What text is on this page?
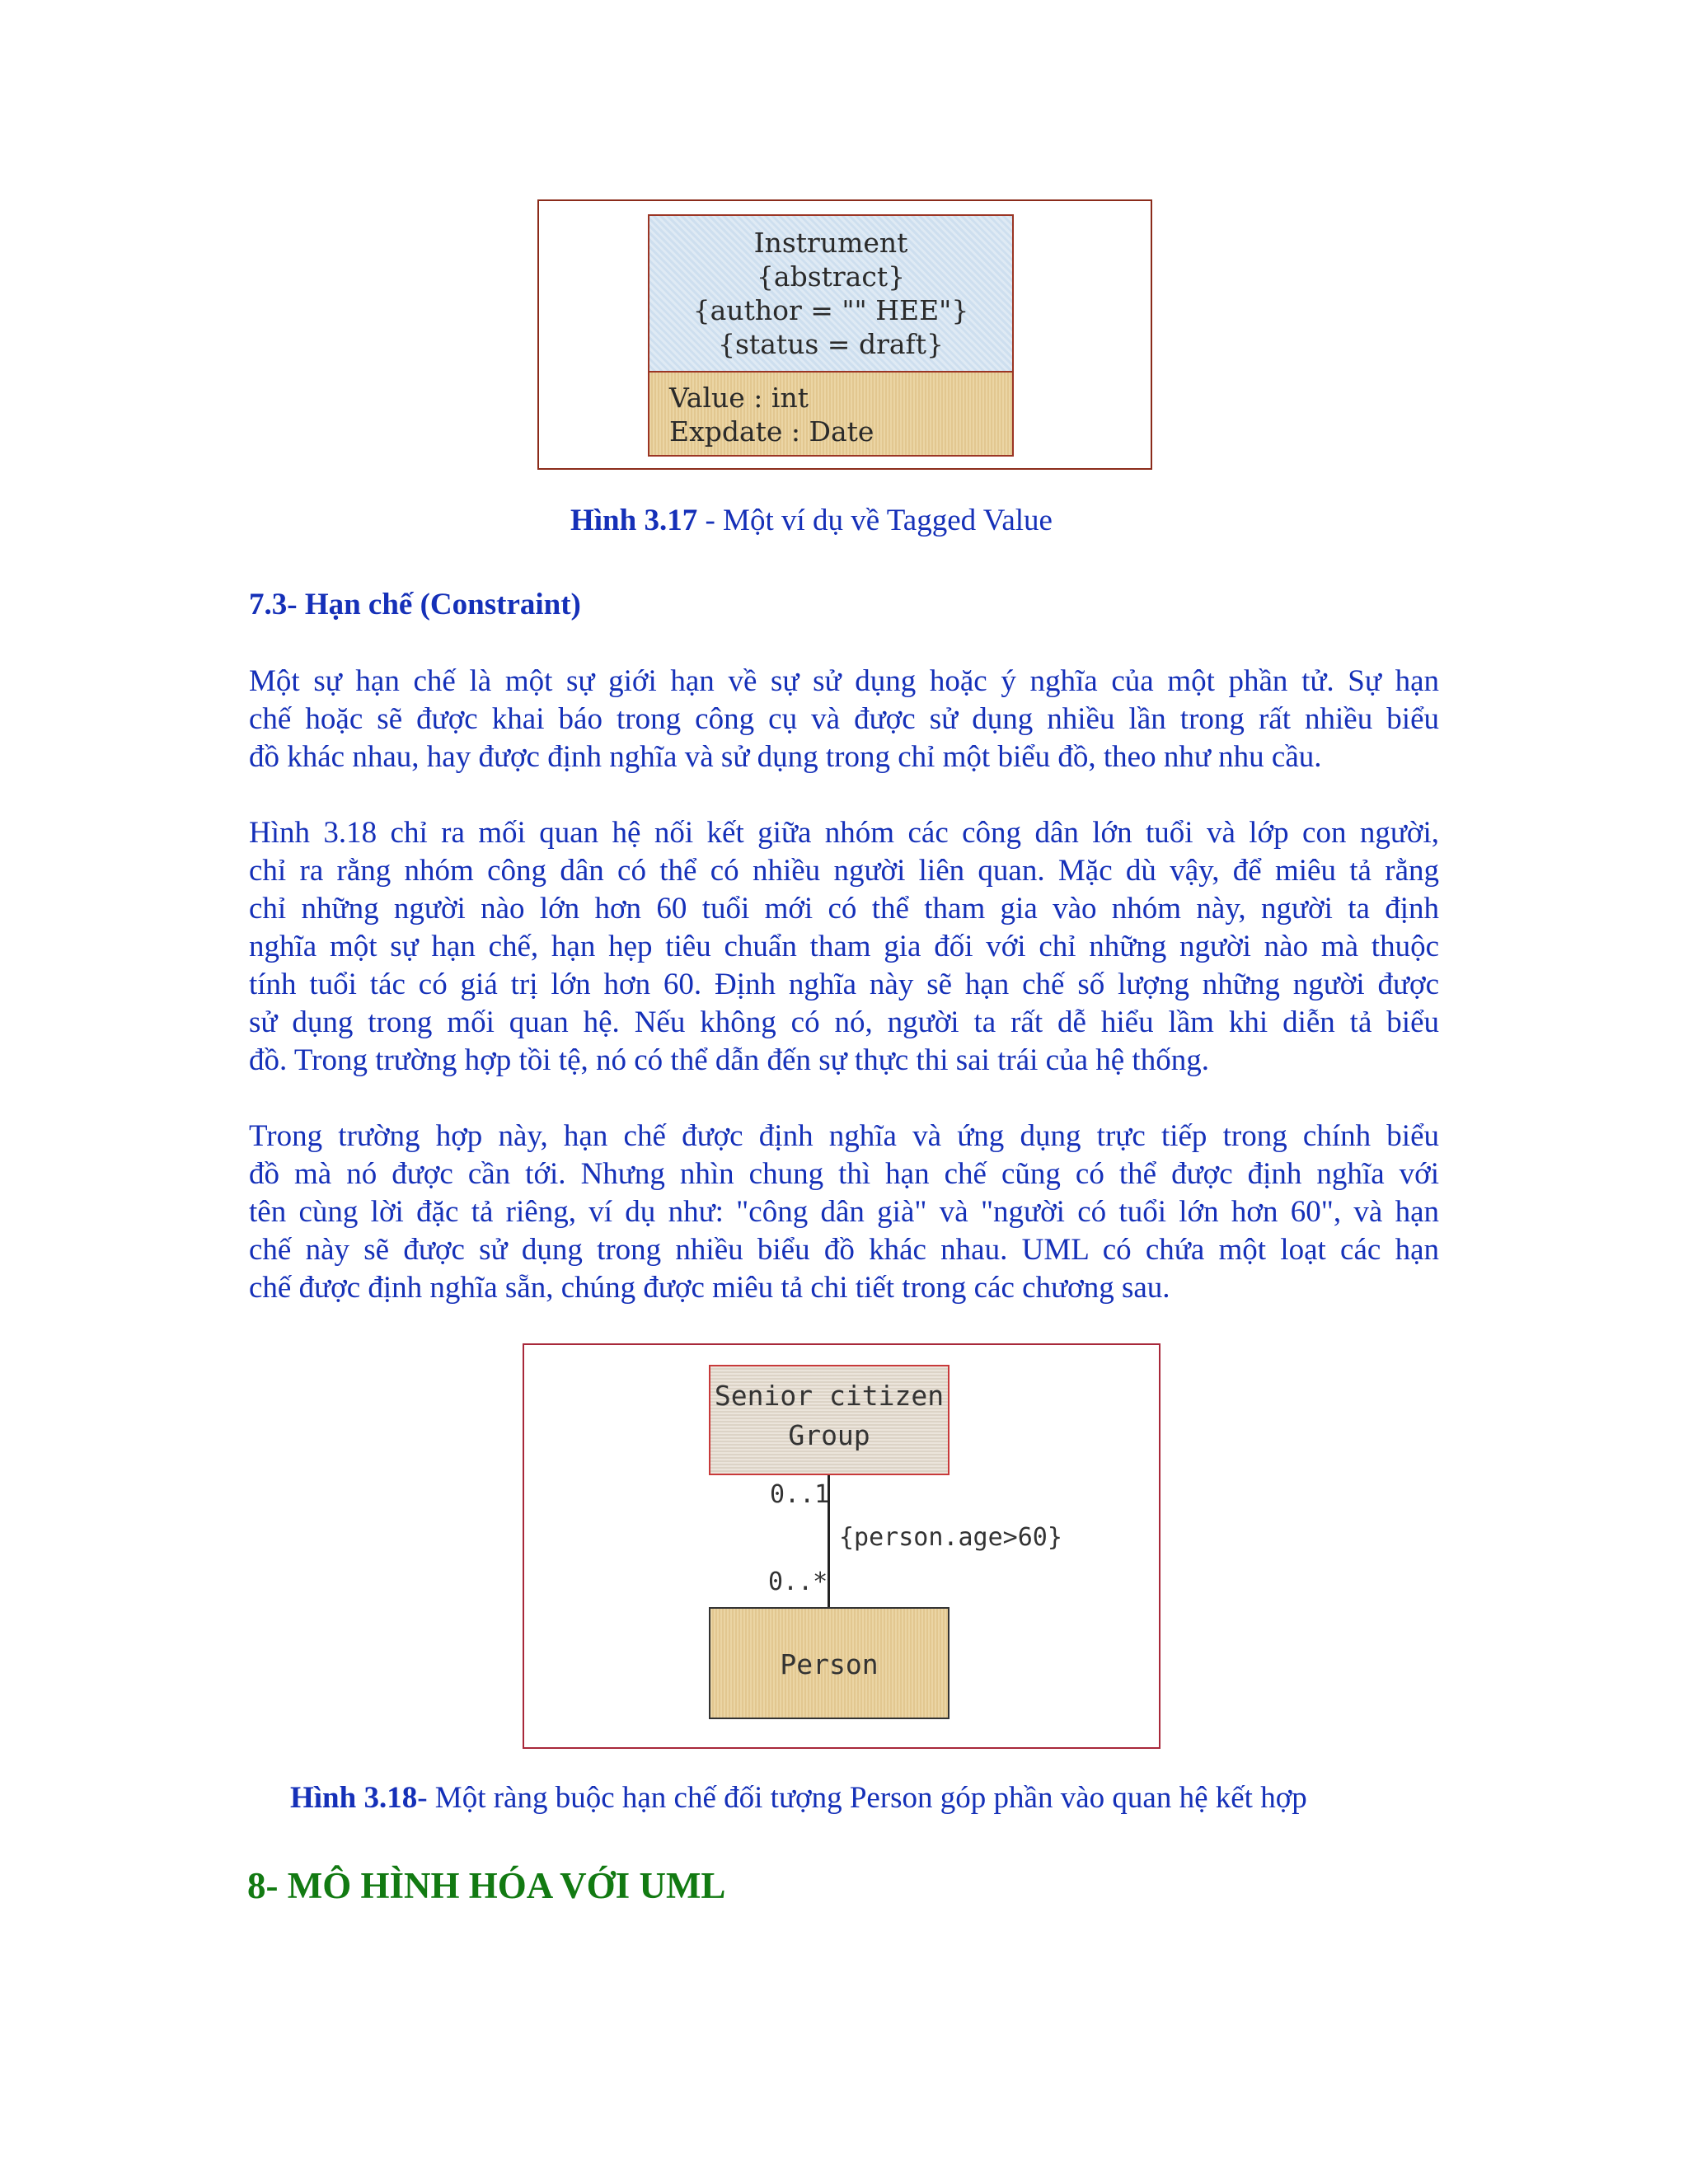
Instrument
{abstract}
{author = "" HEE"}
{status = draft}
Value : int
Expdate : Date
Hình 3.17 - Một ví dụ về Tagged Value
7.3- Hạn chế (Constraint)
Một sự hạn chế là một sự giới hạn về sự sử dụng hoặc ý nghĩa của một phần tử. Sự hạn
chế hoặc sẽ được khai báo trong công cụ và được sử dụng nhiều lần trong rất nhiều biểu
đồ khác nhau, hay được định nghĩa và sử dụng trong chỉ một biểu đồ, theo như nhu cầu.
Hình 3.18 chỉ ra mối quan hệ nối kết giữa nhóm các công dân lớn tuổi và lớp con người,
chỉ ra rằng nhóm công dân có thể có nhiều người liên quan. Mặc dù vậy, để miêu tả rằng
chỉ những người nào lớn hơn 60 tuổi mới có thể tham gia vào nhóm này, người ta định
nghĩa một sự hạn chế, hạn hẹp tiêu chuẩn tham gia đối với chỉ những người nào mà thuộc
tính tuổi tác có giá trị lớn hơn 60. Định nghĩa này sẽ hạn chế số lượng những người được
sử dụng trong mối quan hệ. Nếu không có nó, người ta rất dễ hiểu lầm khi diễn tả biểu
đồ. Trong trường hợp tồi tệ, nó có thể dẫn đến sự thực thi sai trái của hệ thống.
Trong trường hợp này, hạn chế được định nghĩa và ứng dụng trực tiếp trong chính biểu
đồ mà nó được cần tới. Nhưng nhìn chung thì hạn chế cũng có thể được định nghĩa với
tên cùng lời đặc tả riêng, ví dụ như: "công dân già" và "người có tuổi lớn hơn 60", và hạn
chế này sẽ được sử dụng trong nhiều biểu đồ khác nhau. UML có chứa một loạt các hạn
chế được định nghĩa sẵn, chúng được miêu tả chi tiết trong các chương sau.
Senior citizen
Group
0..1
{person.age>60}
0..*
Person
Hình 3.18- Một ràng buộc hạn chế đối tượng Person góp phần vào quan hệ kết hợp
8- MÔ HÌNH HÓA VỚI UML
